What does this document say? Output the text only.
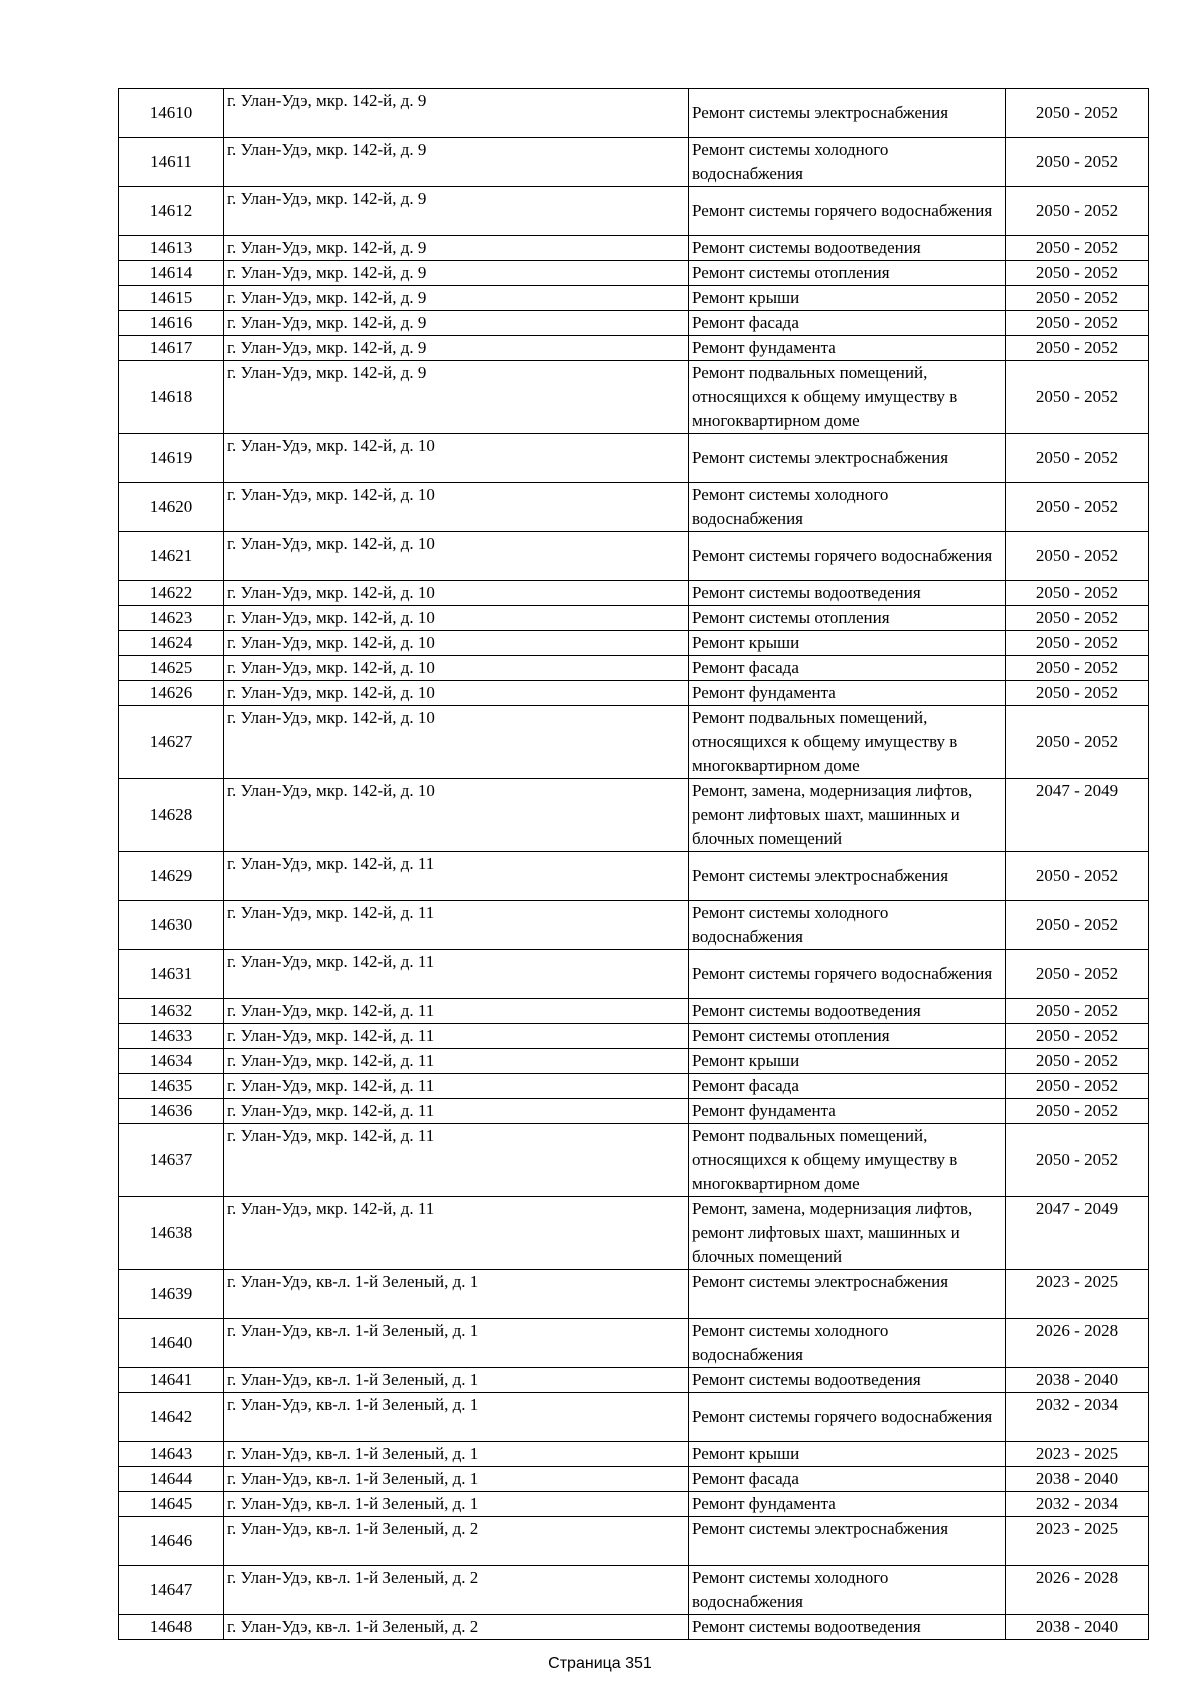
14610	г. Улан-Удэ, мкр. 142-й, д. 9	Ремонт системы электроснабжения	2050 - 2052
14611	г. Улан-Удэ, мкр. 142-й, д. 9	Ремонт системы холодного водоснабжения	2050 - 2052
14612	г. Улан-Удэ, мкр. 142-й, д. 9	Ремонт системы горячего водоснабжения	2050 - 2052
14613	г. Улан-Удэ, мкр. 142-й, д. 9	Ремонт системы водоотведения	2050 - 2052
14614	г. Улан-Удэ, мкр. 142-й, д. 9	Ремонт системы отопления	2050 - 2052
14615	г. Улан-Удэ, мкр. 142-й, д. 9	Ремонт крыши	2050 - 2052
14616	г. Улан-Удэ, мкр. 142-й, д. 9	Ремонт фасада	2050 - 2052
14617	г. Улан-Удэ, мкр. 142-й, д. 9	Ремонт фундамента	2050 - 2052
14618	г. Улан-Удэ, мкр. 142-й, д. 9	Ремонт подвальных помещений, относящихся к общему имуществу в многоквартирном доме	2050 - 2052
14619	г. Улан-Удэ, мкр. 142-й, д. 10	Ремонт системы электроснабжения	2050 - 2052
14620	г. Улан-Удэ, мкр. 142-й, д. 10	Ремонт системы холодного водоснабжения	2050 - 2052
14621	г. Улан-Удэ, мкр. 142-й, д. 10	Ремонт системы горячего водоснабжения	2050 - 2052
14622	г. Улан-Удэ, мкр. 142-й, д. 10	Ремонт системы водоотведения	2050 - 2052
14623	г. Улан-Удэ, мкр. 142-й, д. 10	Ремонт системы отопления	2050 - 2052
14624	г. Улан-Удэ, мкр. 142-й, д. 10	Ремонт крыши	2050 - 2052
14625	г. Улан-Удэ, мкр. 142-й, д. 10	Ремонт фасада	2050 - 2052
14626	г. Улан-Удэ, мкр. 142-й, д. 10	Ремонт фундамента	2050 - 2052
14627	г. Улан-Удэ, мкр. 142-й, д. 10	Ремонт подвальных помещений, относящихся к общему имуществу в многоквартирном доме	2050 - 2052
14628	г. Улан-Удэ, мкр. 142-й, д. 10	Ремонт, замена, модернизация лифтов, ремонт лифтовых шахт, машинных и блочных помещений	2047 - 2049
14629	г. Улан-Удэ, мкр. 142-й, д. 11	Ремонт системы электроснабжения	2050 - 2052
14630	г. Улан-Удэ, мкр. 142-й, д. 11	Ремонт системы холодного водоснабжения	2050 - 2052
14631	г. Улан-Удэ, мкр. 142-й, д. 11	Ремонт системы горячего водоснабжения	2050 - 2052
14632	г. Улан-Удэ, мкр. 142-й, д. 11	Ремонт системы водоотведения	2050 - 2052
14633	г. Улан-Удэ, мкр. 142-й, д. 11	Ремонт системы отопления	2050 - 2052
14634	г. Улан-Удэ, мкр. 142-й, д. 11	Ремонт крыши	2050 - 2052
14635	г. Улан-Удэ, мкр. 142-й, д. 11	Ремонт фасада	2050 - 2052
14636	г. Улан-Удэ, мкр. 142-й, д. 11	Ремонт фундамента	2050 - 2052
14637	г. Улан-Удэ, мкр. 142-й, д. 11	Ремонт подвальных помещений, относящихся к общему имуществу в многоквартирном доме	2050 - 2052
14638	г. Улан-Удэ, мкр. 142-й, д. 11	Ремонт, замена, модернизация лифтов, ремонт лифтовых шахт, машинных и блочных помещений	2047 - 2049
14639	г. Улан-Удэ, кв-л. 1-й Зеленый, д. 1	Ремонт системы электроснабжения	2023 - 2025
14640	г. Улан-Удэ, кв-л. 1-й Зеленый, д. 1	Ремонт системы холодного водоснабжения	2026 - 2028
14641	г. Улан-Удэ, кв-л. 1-й Зеленый, д. 1	Ремонт системы водоотведения	2038 - 2040
14642	г. Улан-Удэ, кв-л. 1-й Зеленый, д. 1	Ремонт системы горячего водоснабжения	2032 - 2034
14643	г. Улан-Удэ, кв-л. 1-й Зеленый, д. 1	Ремонт крыши	2023 - 2025
14644	г. Улан-Удэ, кв-л. 1-й Зеленый, д. 1	Ремонт фасада	2038 - 2040
14645	г. Улан-Удэ, кв-л. 1-й Зеленый, д. 1	Ремонт фундамента	2032 - 2034
14646	г. Улан-Удэ, кв-л. 1-й Зеленый, д. 2	Ремонт системы электроснабжения	2023 - 2025
14647	г. Улан-Удэ, кв-л. 1-й Зеленый, д. 2	Ремонт системы холодного водоснабжения	2026 - 2028
14648	г. Улан-Удэ, кв-л. 1-й Зеленый, д. 2	Ремонт системы водоотведения	2038 - 2040
Страница 351
